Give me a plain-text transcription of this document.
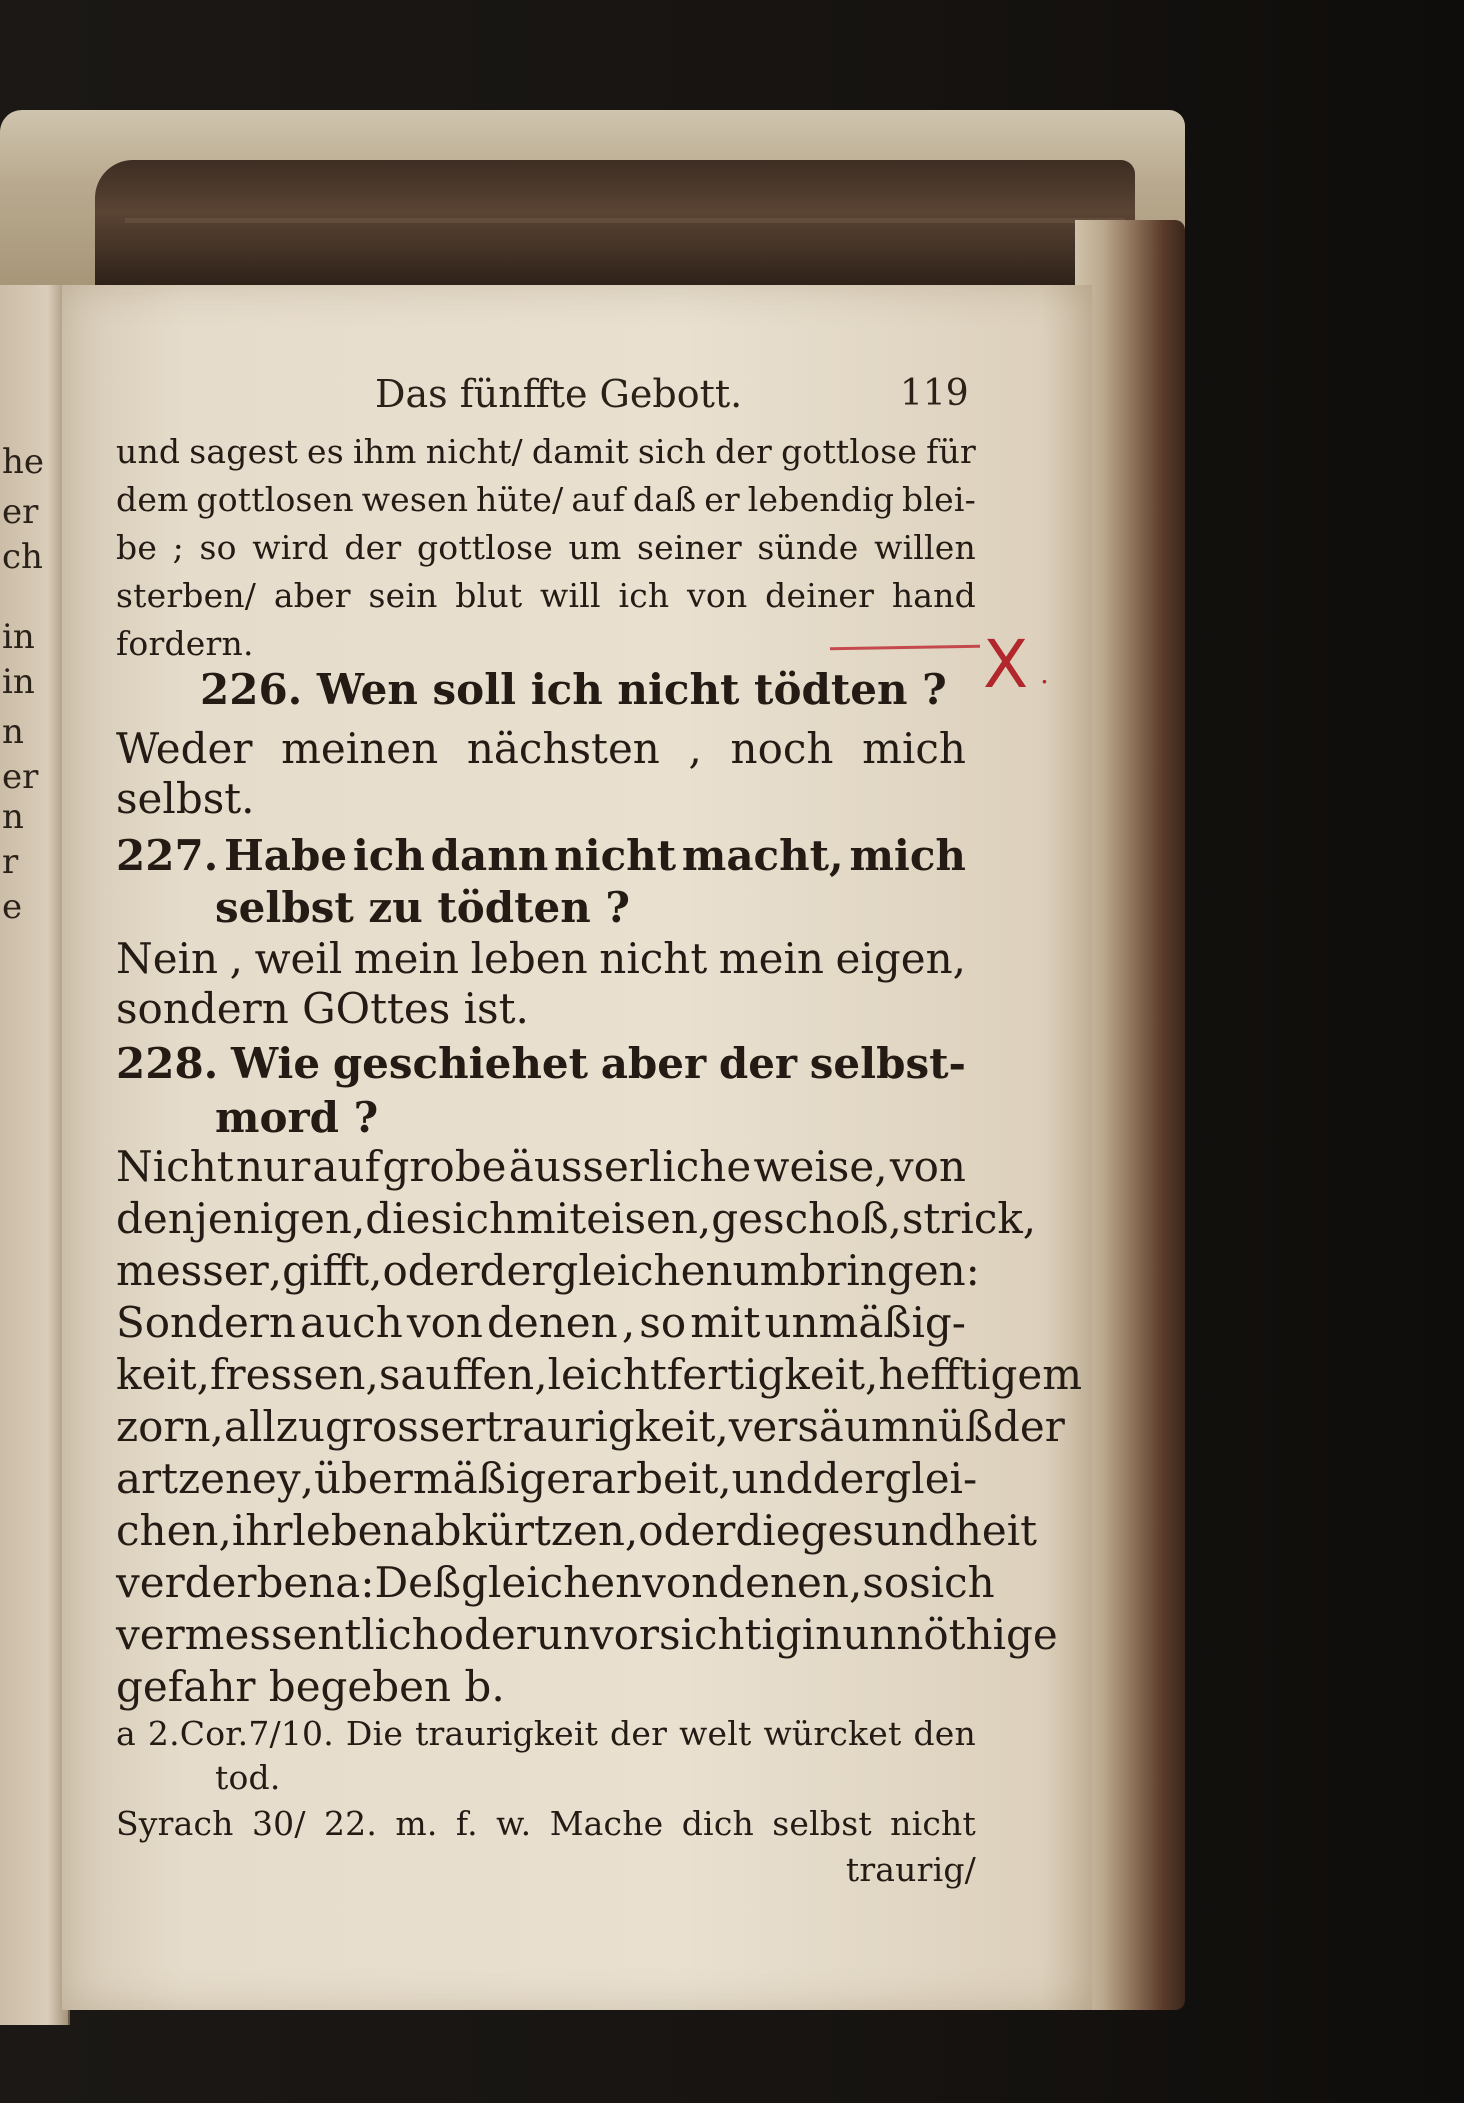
he
er
ch
in
in
n
er
n
r
e
Das fünffte Gebott.	119
und sagest es ihm nicht/ damit sich der gottlose für
dem gottlosen wesen hüte/ auf daß er lebendig blei-
be ; so wird der gottlose um seiner sünde willen
sterben/ aber sein blut will ich von deiner hand
fordern.
226. Wen soll ich nicht tödten ?
Weder meinen nächsten , noch mich
selbst.
227. Habe ich dann nicht macht, mich
selbst zu tödten ?
Nein , weil mein leben nicht mein eigen,
sondern GOttes ist.
228. Wie geschiehet aber der selbst-
mord ?
Nicht nur auf grobe äusserliche weise, von
denjenigen, die sich mit eisen, geschoß , strick,
messer , gifft , oder dergleichen umbringen :
Sondern auch von denen , so mit unmäßig-
keit , fressen, sauffen , leichtfertigkeit , hefftigem
zorn, allzugrosser traurigkeit, versäumnüß der
artzeney , übermäßiger arbeit , und derglei-
chen , ihr leben abkürtzen, oder die gesundheit
verderben a : Deßgleichen von denen , so sich
vermessentlich oder unvorsichtig in unnöthige
gefahr begeben b.
a 2.Cor.7/10. Die traurigkeit der welt würcket den
tod.
Syrach 30/ 22. m. f. w. Mache dich selbst nicht
traurig/
X .
